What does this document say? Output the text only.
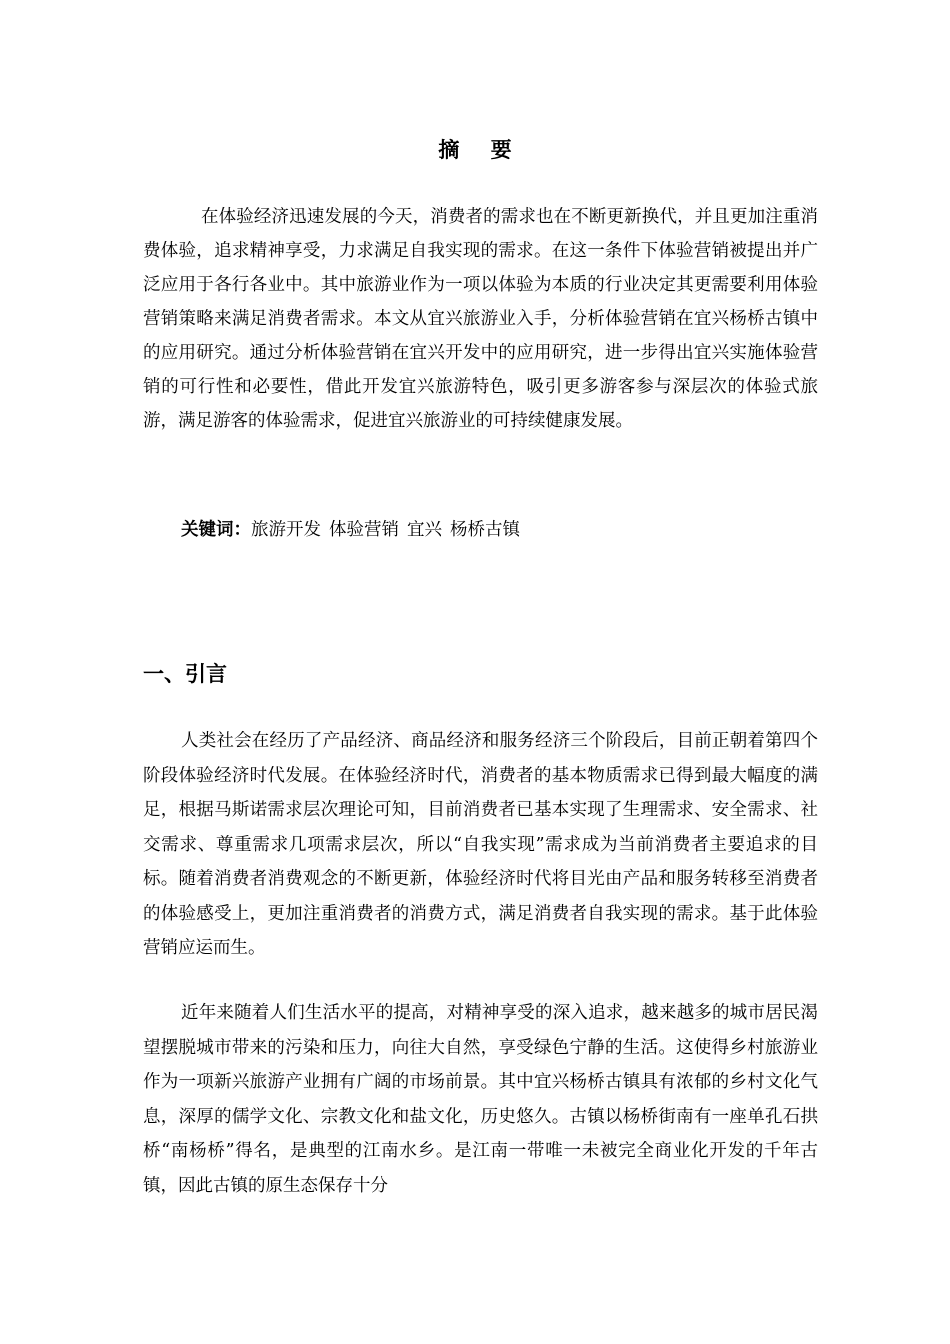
摘 要

在体验经济迅速发展的今天，消费者的需求也在不断更新换代，并且更加注重消费体验，追求精神享受，力求满足自我实现的需求。在这一条件下体验营销被提出并广泛应用于各行各业中。其中旅游业作为一项以体验为本质的行业决定其更需要利用体验营销策略来满足消费者需求。本文从宜兴旅游业入手，分析体验营销在宜兴杨桥古镇中的应用研究。通过分析体验营销在宜兴开发中的应用研究，进一步得出宜兴实施体验营销的可行性和必要性，借此开发宜兴旅游特色，吸引更多游客参与深层次的体验式旅游，满足游客的体验需求，促进宜兴旅游业的可持续健康发展。

关键词：旅游开发 体验营销 宜兴 杨桥古镇
一、引言

人类社会在经历了产品经济、商品经济和服务经济三个阶段后，目前正朝着第四个阶段体验经济时代发展。在体验经济时代，消费者的基本物质需求已得到最大幅度的满足，根据马斯诺需求层次理论可知，目前消费者已基本实现了生理需求、安全需求、社交需求、尊重需求几项需求层次，所以“自我实现”需求成为当前消费者主要追求的目标。随着消费者消费观念的不断更新，体验经济时代将目光由产品和服务转移至消费者的体验感受上，更加注重消费者的消费方式，满足消费者自我实现的需求。基于此体验营销应运而生。

近年来随着人们生活水平的提高，对精神享受的深入追求，越来越多的城市居民渴望摆脱城市带来的污染和压力，向往大自然，享受绿色宁静的生活。这使得乡村旅游业作为一项新兴旅游产业拥有广阔的市场前景。其中宜兴杨桥古镇具有浓郁的乡村文化气息，深厚的儒学文化、宗教文化和盐文化，历史悠久。古镇以杨桥街南有一座单孔石拱桥“南杨桥”得名，是典型的江南水乡。是江南一带唯一未被完全商业化开发的千年古镇，因此古镇的原生态保存十分
